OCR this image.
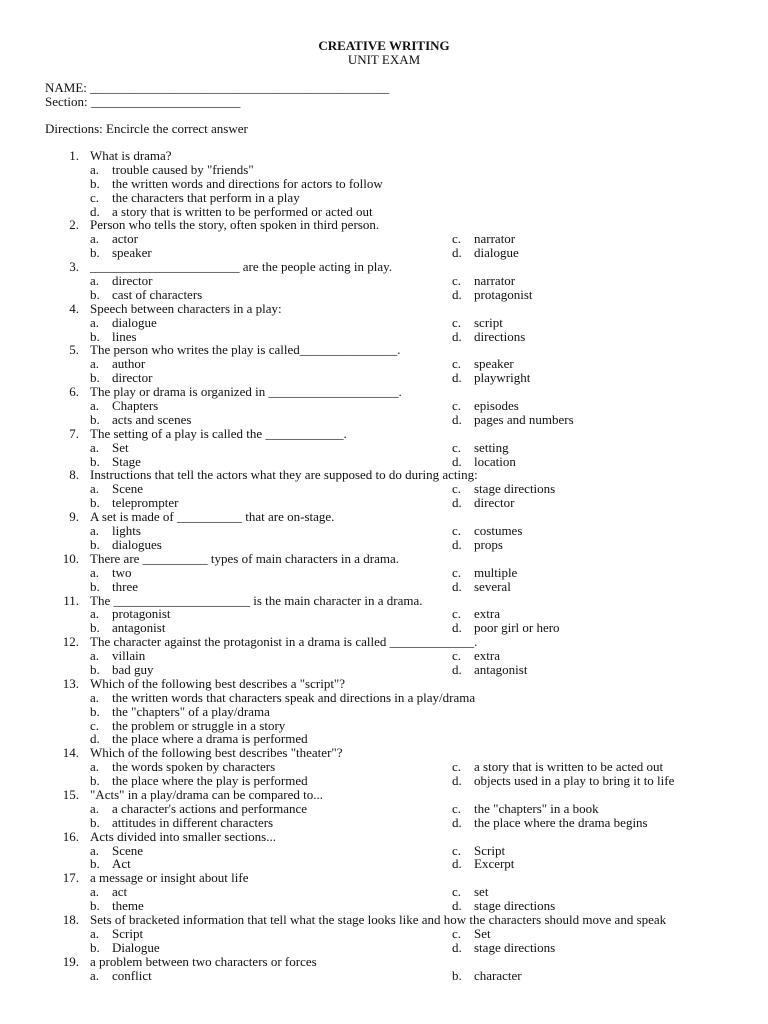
CREATIVE WRITING
UNIT EXAM
NAME: ______________________________________________
Section: _______________________
Directions: Encircle the correct answer
1. What is drama?
a. trouble caused by "friends"
b. the written words and directions for actors to follow
c. the characters that perform in a play
d. a story that is written to be performed or acted out
2. Person who tells the story, often spoken in third person.
a. actor	c. narrator
b. speaker	d. dialogue
3. _______________________ are the people acting in play.
a. director	c. narrator
b. cast of characters	d. protagonist
4. Speech between characters in a play:
a. dialogue	c. script
b. lines	d. directions
5. The person who writes the play is called_______________.
a. author	c. speaker
b. director	d. playwright
6. The play or drama is organized in ____________________.
a. Chapters	c. episodes
b. acts and scenes	d. pages and numbers
7. The setting of a play is called the ____________.
a. Set	c. setting
b. Stage	d. location
8. Instructions that tell the actors what they are supposed to do during acting:
a. Scene	c. stage directions
b. teleprompter	d. director
9. A set is made of __________ that are on-stage.
a. lights	c. costumes
b. dialogues	d. props
10. There are __________ types of main characters in a drama.
a. two	c. multiple
b. three	d. several
11. The _____________________ is the main character in a drama.
a. protagonist	c. extra
b. antagonist	d. poor girl or hero
12. The character against the protagonist in a drama is called _____________.
a. villain	c. extra
b. bad guy	d. antagonist
13. Which of the following best describes a "script"?
a. the written words that characters speak and directions in a play/drama
b. the "chapters" of a play/drama
c. the problem or struggle in a story
d. the place where a drama is performed
14. Which of the following best describes "theater"?
a. the words spoken by characters	c. a story that is written to be acted out
b. the place where the play is performed	d. objects used in a play to bring it to life
15. "Acts" in a play/drama can be compared to...
a. a character's actions and performance	c. the "chapters" in a book
b. attitudes in different characters	d. the place where the drama begins
16. Acts divided into smaller sections...
a. Scene	c. Script
b. Act	d. Excerpt
17. a message or insight about life
a. act	c. set
b. theme	d. stage directions
18. Sets of bracketed information that tell what the stage looks like and how the characters should move and speak
a. Script	c. Set
b. Dialogue	d. stage directions
19. a problem between two characters or forces
a. conflict	b. character
